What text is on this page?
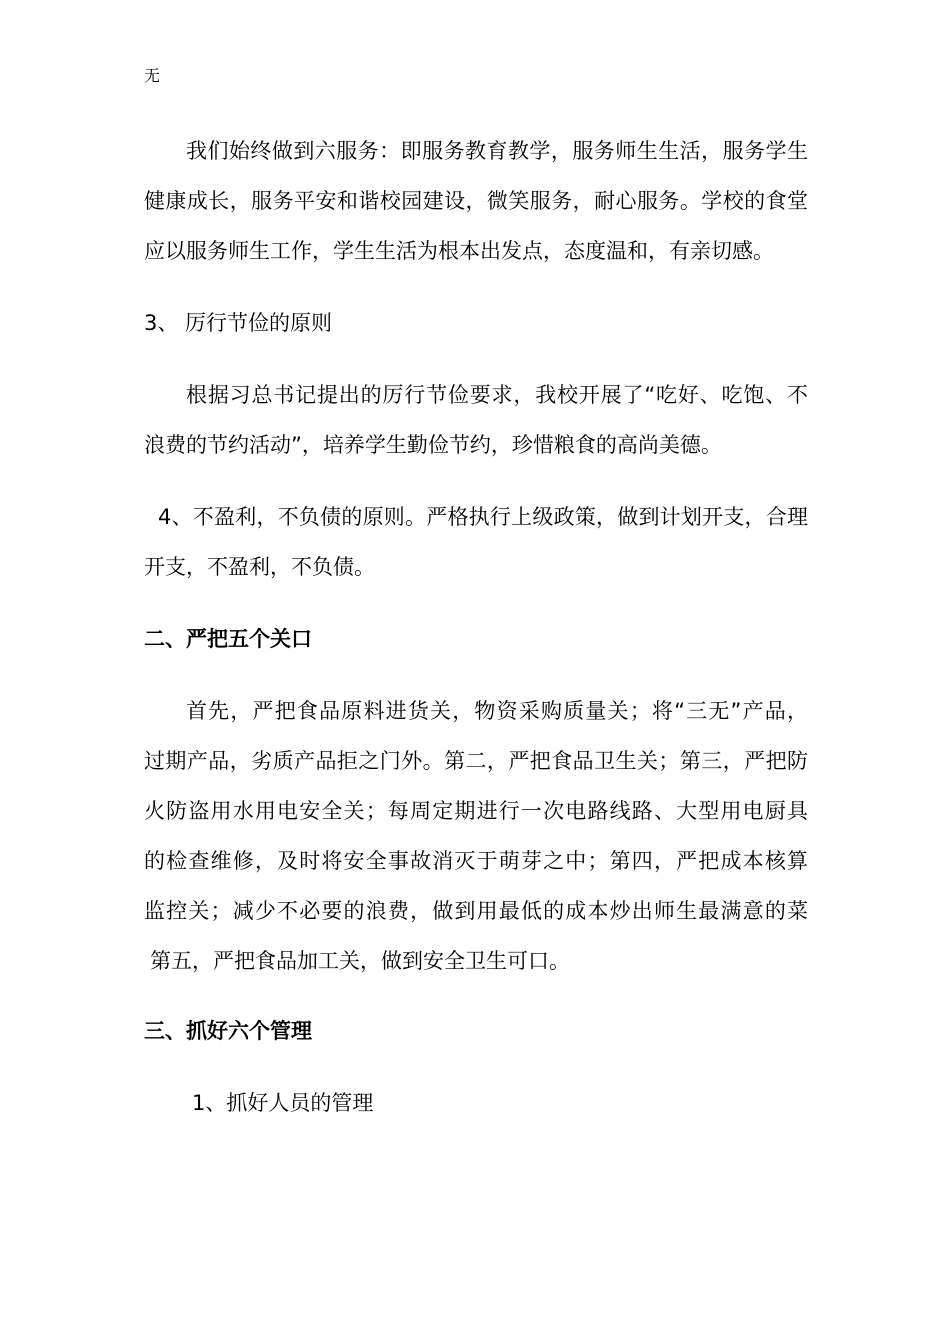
无
我们始终做到六服务：即服务教育教学，服务师生生活，服务学生
健康成长，服务平安和谐校园建设，微笑服务，耐心服务。学校的食堂
应以服务师生工作，学生生活为根本出发点，态度温和，有亲切感。
3、 厉行节俭的原则
根据习总书记提出的厉行节俭要求，我校开展了“吃好、吃饱、不
浪费的节约活动”，培养学生勤俭节约，珍惜粮食的高尚美德。
4、不盈利，不负债的原则。严格执行上级政策，做到计划开支，合理
开支，不盈利，不负债。
二、严把五个关口
首先，严把食品原料进货关，物资采购质量关；将“三无”产品，
过期产品，劣质产品拒之门外。第二，严把食品卫生关；第三，严把防
火防盗用水用电安全关；每周定期进行一次电路线路、大型用电厨具
的检查维修，及时将安全事故消灭于萌芽之中；第四，严把成本核算
监控关；减少不必要的浪费，做到用最低的成本炒出师生最满意的菜
第五，严把食品加工关，做到安全卫生可口。
三、抓好六个管理
1、抓好人员的管理
